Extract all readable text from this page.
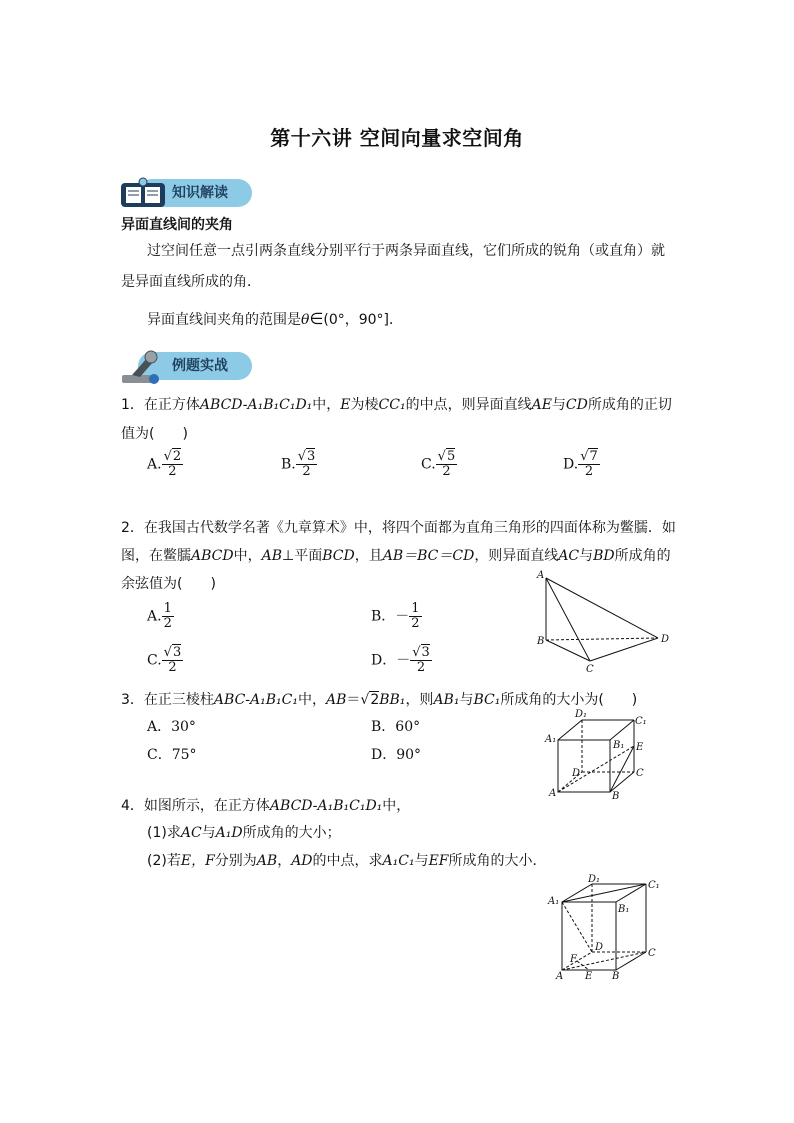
第十六讲 空间向量求空间角
知识解读
异面直线间的夹角
过空间任意一点引两条直线分别平行于两条异面直线，它们所成的锐角（或直角）就
是异面直线所成的角．
异面直线间夹角的范围是θ∈(0°，90°]．
例题实战
1．在正方体ABCD-A₁B₁C₁D₁中，E为棱CC₁的中点，则异面直线AE与CD所成角的正切
值为(　　)
A. $\frac{√2}{2}$	B. $\frac{√3}{2}$	C. $\frac{√5}{2}$	D. $\frac{√7}{2}$
2．在我国古代数学名著《九章算术》中，将四个面都为直角三角形的四面体称为鳖臑．如
图，在鳖臑ABCD中，AB⊥平面BCD，且AB＝BC＝CD，则异面直线AC与BD所成角的
余弦值为(　　)
A. $\frac{1}{2}$	B．－ $\frac{1}{2}$
C. $\frac{√3}{2}$	D．－ $\frac{√3}{2}$
A
B
C
D
3．在正三棱柱ABC-A₁B₁C₁中，AB＝√2BB₁，则AB₁与BC₁所成角的大小为(　　)
A．30°	B．60°
C．75°	D．90°
A₁
D₁
C₁
B₁ E
D	C
A	B
4．如图所示，在正方体ABCD-A₁B₁C₁D₁中，
(1)求AC与A₁D所成角的大小；
(2)若E，F分别为AB，AD的中点，求A₁C₁与EF所成角的大小．
A₁
D₁
C₁
B₁
D
C
F
A E B
